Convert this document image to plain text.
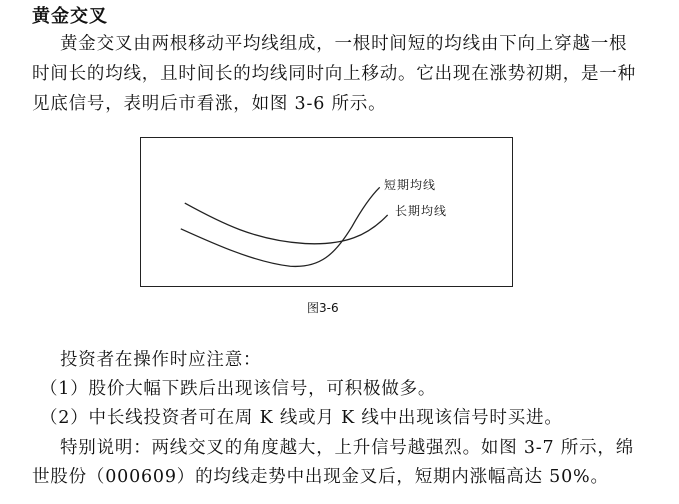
黄金交叉
黄金交叉由两根移动平均线组成，一根时间短的均线由下向上穿越一根
时间长的均线，且时间长的均线同时向上移动。它出现在涨势初期，是一种
见底信号，表明后市看涨，如图 3-6 所示。
短期均线
长期均线
图3-6
投资者在操作时应注意：
（1）股价大幅下跌后出现该信号，可积极做多。
（2）中长线投资者可在周 K 线或月 K 线中出现该信号时买进。
特别说明：两线交叉的角度越大，上升信号越强烈。如图 3-7 所示，绵
世股份（000609）的均线走势中出现金叉后，短期内涨幅高达 50%。
